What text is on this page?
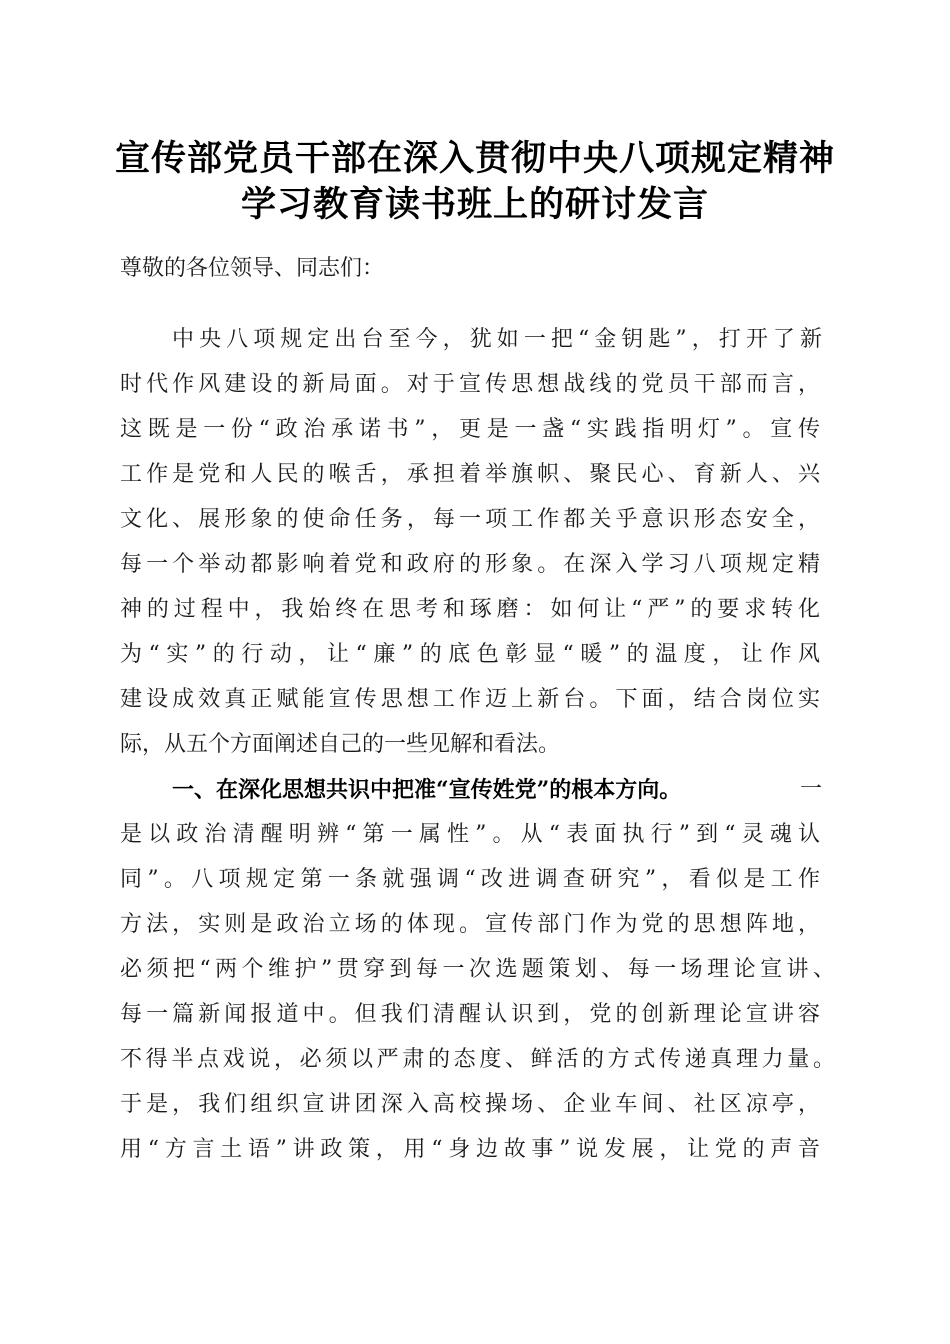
宣传部党员干部在深入贯彻中央八项规定精神
学习教育读书班上的研讨发言
尊敬的各位领导、同志们：
中央八项规定出台至今，犹如一把“金钥匙”，打开了新
时代作风建设的新局面。对于宣传思想战线的党员干部而言，
这既是一份“政治承诺书”，更是一盏“实践指明灯”。宣传
工作是党和人民的喉舌，承担着举旗帜、聚民心、育新人、兴
文化、展形象的使命任务，每一项工作都关乎意识形态安全，
每一个举动都影响着党和政府的形象。在深入学习八项规定精
神的过程中，我始终在思考和琢磨：如何让“严”的要求转化
为“实”的行动，让“廉”的底色彰显“暖”的温度，让作风
建设成效真正赋能宣传思想工作迈上新台。下面，结合岗位实
际，从五个方面阐述自己的一些见解和看法。
一、在深化思想共识中把准“宣传姓党”的根本方向。	一
是以政治清醒明辨“第一属性”。从“表面执行”到“灵魂认
同”。八项规定第一条就强调“改进调查研究”，看似是工作
方法，实则是政治立场的体现。宣传部门作为党的思想阵地，
必须把“两个维护”贯穿到每一次选题策划、每一场理论宣讲、
每一篇新闻报道中。但我们清醒认识到，党的创新理论宣讲容
不得半点戏说，必须以严肃的态度、鲜活的方式传递真理力量。
于是，我们组织宣讲团深入高校操场、企业车间、社区凉亭，
用“方言土语”讲政策，用“身边故事”说发展，让党的声音
